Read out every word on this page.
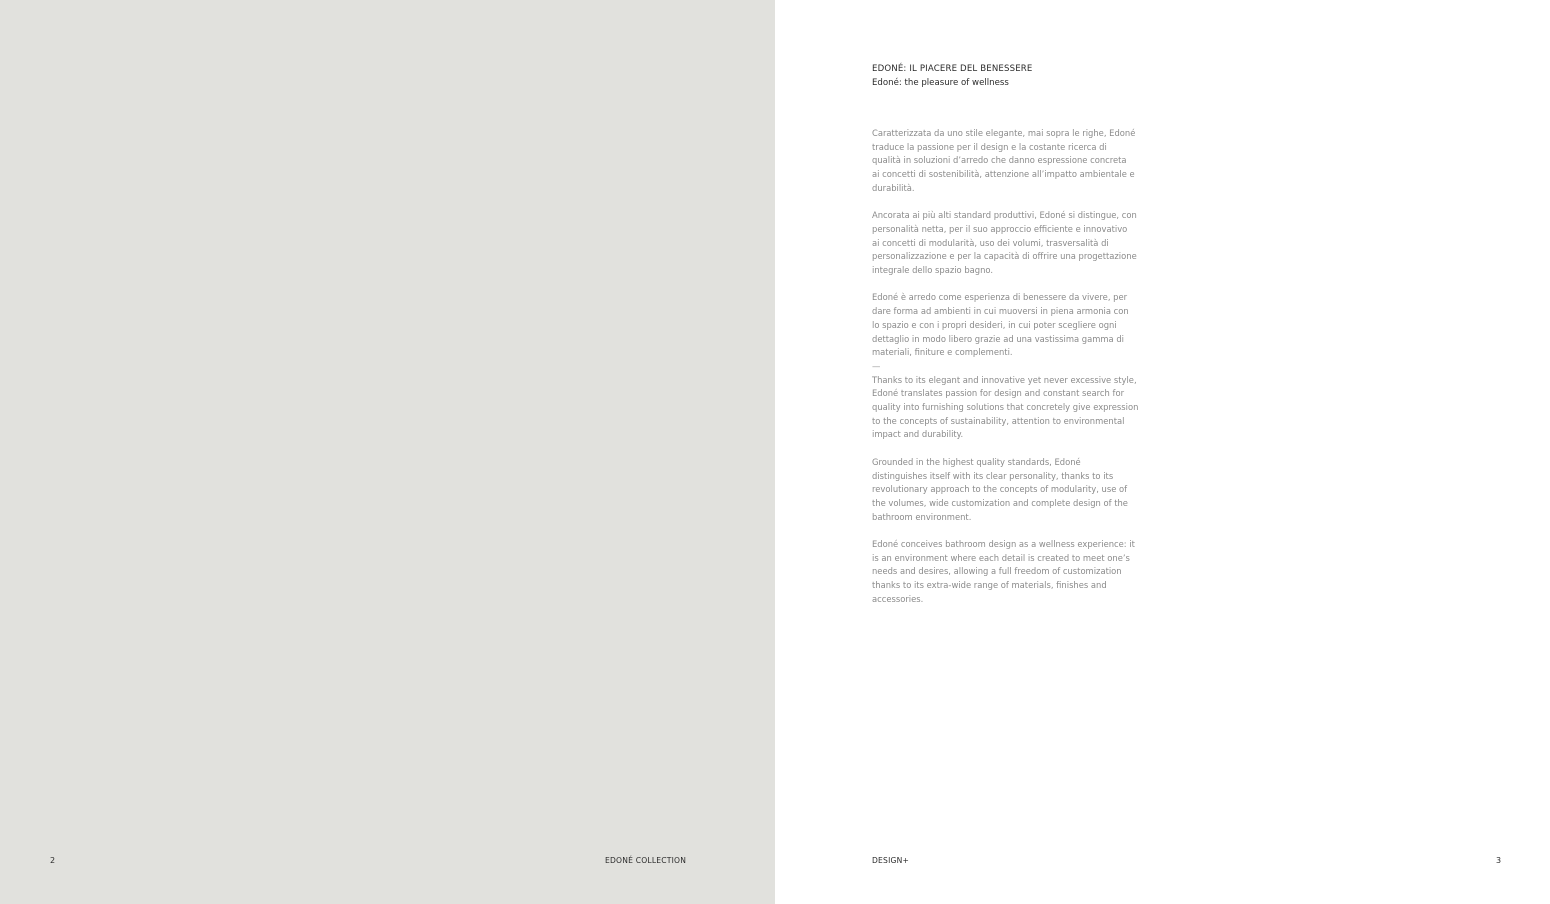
2	EDONÉ COLLECTION

EDONÉ: IL PIACERE DEL BENESSERE

Edoné: the pleasure of wellness

Caratterizzata da uno stile elegante, mai sopra le righe, Edoné
traduce la passione per il design e la costante ricerca di
qualità in soluzioni d’arredo che danno espressione concreta
ai concetti di sostenibilità, attenzione all’impatto ambientale e
durabilità.

Ancorata ai più alti standard produttivi, Edoné si distingue, con
personalità netta, per il suo approccio efficiente e innovativo
ai concetti di modularità, uso dei volumi, trasversalità di
personalizzazione e per la capacità di offrire una progettazione
integrale dello spazio bagno.

Edoné è arredo come esperienza di benessere da vivere, per
dare forma ad ambienti in cui muoversi in piena armonia con
lo spazio e con i propri desideri, in cui poter scegliere ogni
dettaglio in modo libero grazie ad una vastissima gamma di
materiali, finiture e complementi.

—

Thanks to its elegant and innovative yet never excessive style,
Edoné translates passion for design and constant search for
quality into furnishing solutions that concretely give expression
to the concepts of sustainability, attention to environmental
impact and durability.

Grounded in the highest quality standards, Edoné
distinguishes itself with its clear personality, thanks to its
revolutionary approach to the concepts of modularity, use of
the volumes, wide customization and complete design of the
bathroom environment.

Edoné conceives bathroom design as a wellness experience: it
is an environment where each detail is created to meet one’s
needs and desires, allowing a full freedom of customization
thanks to its extra-wide range of materials, finishes and
accessories.

DESIGN+	3
